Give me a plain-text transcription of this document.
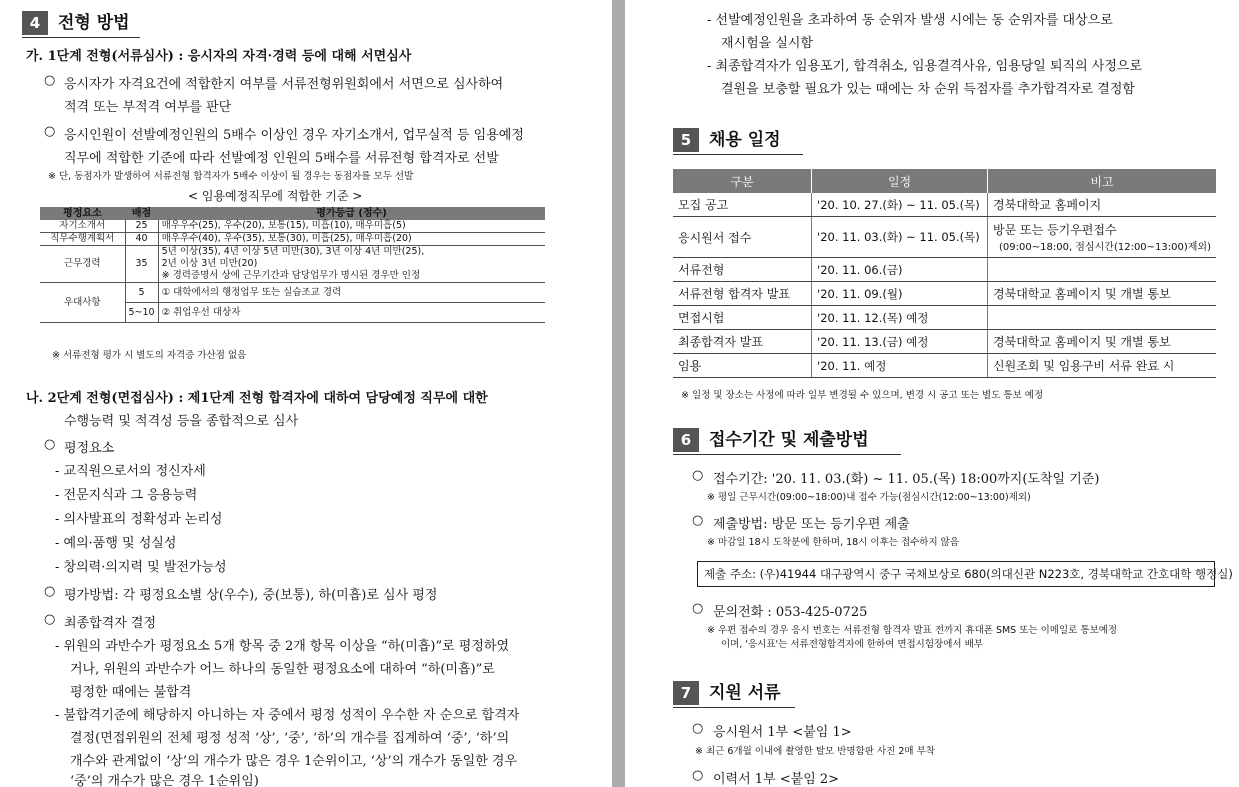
4	전형 방법
가. 1단계 전형(서류심사) : 응시자의 자격·경력 등에 대해 서면심사
○ 응시자가 자격요건에 적합한지 여부를 서류전형위원회에서 서면으로 심사하여
적격 또는 부적격 여부를 판단
○ 응시인원이 선발예정인원의 5배수 이상인 경우 자기소개서, 업무실적 등 임용예정
직무에 적합한 기준에 따라 선발예정 인원의 5배수를 서류전형 합격자로 선발
※ 단, 동점자가 발생하여 서류전형 합격자가 5배수 이상이 될 경우는 동점자를 모두 선발
< 임용예정직무에 적합한 기준 >
평정요소	배점	평가등급 (점수)
자기소개서	25	매우우수(25), 우수(20), 보통(15), 미흡(10), 매우미흡(5)
직무수행계획서	40	매우우수(40), 우수(35), 보통(30), 미흡(25), 매우미흡(20)
근무경력	35	5년 이상(35), 4년 이상 5년 미만(30), 3년 이상 4년 미만(25),
2년 이상 3년 미만(20)
※ 경력증명서 상에 근무기간과 담당업무가 명시된 경우만 인정

우대사항	5	① 대학에서의 행정업무 또는 실습조교 경력
	5~10	② 취업우선 대상자
※ 서류전형 평가 시 별도의 자격증 가산점 없음
나. 2단계 전형(면접심사) : 제1단계 전형 합격자에 대하여 담당예정 직무에 대한
수행능력 및 적격성 등을 종합적으로 심사
○ 평정요소
- 교직원으로서의 정신자세
- 전문지식과 그 응용능력
- 의사발표의 정확성과 논리성
- 예의·품행 및 성실성
- 창의력·의지력 및 발전가능성
○ 평가방법: 각 평정요소별 상(우수), 중(보통), 하(미흡)로 심사 평정
○ 최종합격자 결정
- 위원의 과반수가 평정요소 5개 항목 중 2개 항목 이상을 “하(미흡)”로 평정하였
거나, 위원의 과반수가 어느 하나의 동일한 평정요소에 대하여 “하(미흡)”로
평정한 때에는 불합격
- 불합격기준에 해당하지 아니하는 자 중에서 평정 성적이 우수한 자 순으로 합격자
결정(면접위원의 전체 평정 성적 ‘상’, ‘중’, ‘하’의 개수를 집계하여 ‘중’, ‘하’의
개수와 관계없이 ‘상’의 개수가 많은 경우 1순위이고, ‘상’의 개수가 동일한 경우
‘중’의 개수가 많은 경우 1순위임)
- 선발예정인원을 초과하여 동 순위자 발생 시에는 동 순위자를 대상으로
재시험을 실시함
- 최종합격자가 임용포기, 합격취소, 임용결격사유, 임용당일 퇴직의 사정으로
결원을 보충할 필요가 있는 때에는 차 순위 득점자를 추가합격자로 결정함
5	채용 일정
구분	일정	비고
모집 공고	'20. 10. 27.(화) ~ 11. 05.(목)	경북대학교 홈페이지
응시원서 접수	'20. 11. 03.(화) ~ 11. 05.(목)	방문 또는 등기우편접수
(09:00~18:00, 점심시간(12:00~13:00)제외)

서류전형	'20. 11. 06.(금)	
서류전형 합격자 발표	'20. 11. 09.(월)	경북대학교 홈페이지 및 개별 통보
면접시험	'20. 11. 12.(목) 예정	
최종합격자 발표	'20. 11. 13.(금) 예정	경북대학교 홈페이지 및 개별 통보
임용	'20. 11. 예정	신원조회 및 임용구비 서류 완료 시
※ 일정 및 장소는 사정에 따라 일부 변경될 수 있으며, 변경 시 공고 또는 별도 통보 예정
6	접수기간 및 제출방법
○ 접수기간: '20. 11. 03.(화) ~ 11. 05.(목) 18:00까지(도착일 기준)
※ 평일 근무시간(09:00~18:00)내 접수 가능(점심시간(12:00~13:00)제외)
○ 제출방법: 방문 또는 등기우편 제출
※ 마감일 18시 도착분에 한하며, 18시 이후는 접수하지 않음
제출 주소: (우)41944 대구광역시 중구 국채보상로 680(의대신관 N223호, 경북대학교 간호대학 행정실)
○ 문의전화 : 053-425-0725
※ 우편 접수의 경우 응시 번호는 서류전형 합격자 발표 전까지 휴대폰 SMS 또는 이메일로 통보예정
이며, '응시표'는 서류전형합격자에 한하여 면접시험장에서 배부
7	지원 서류
○ 응시원서 1부 <붙임 1>
※ 최근 6개월 이내에 촬영한 탈모 반명함판 사진 2매 부착
○ 이력서 1부 <붙임 2>
